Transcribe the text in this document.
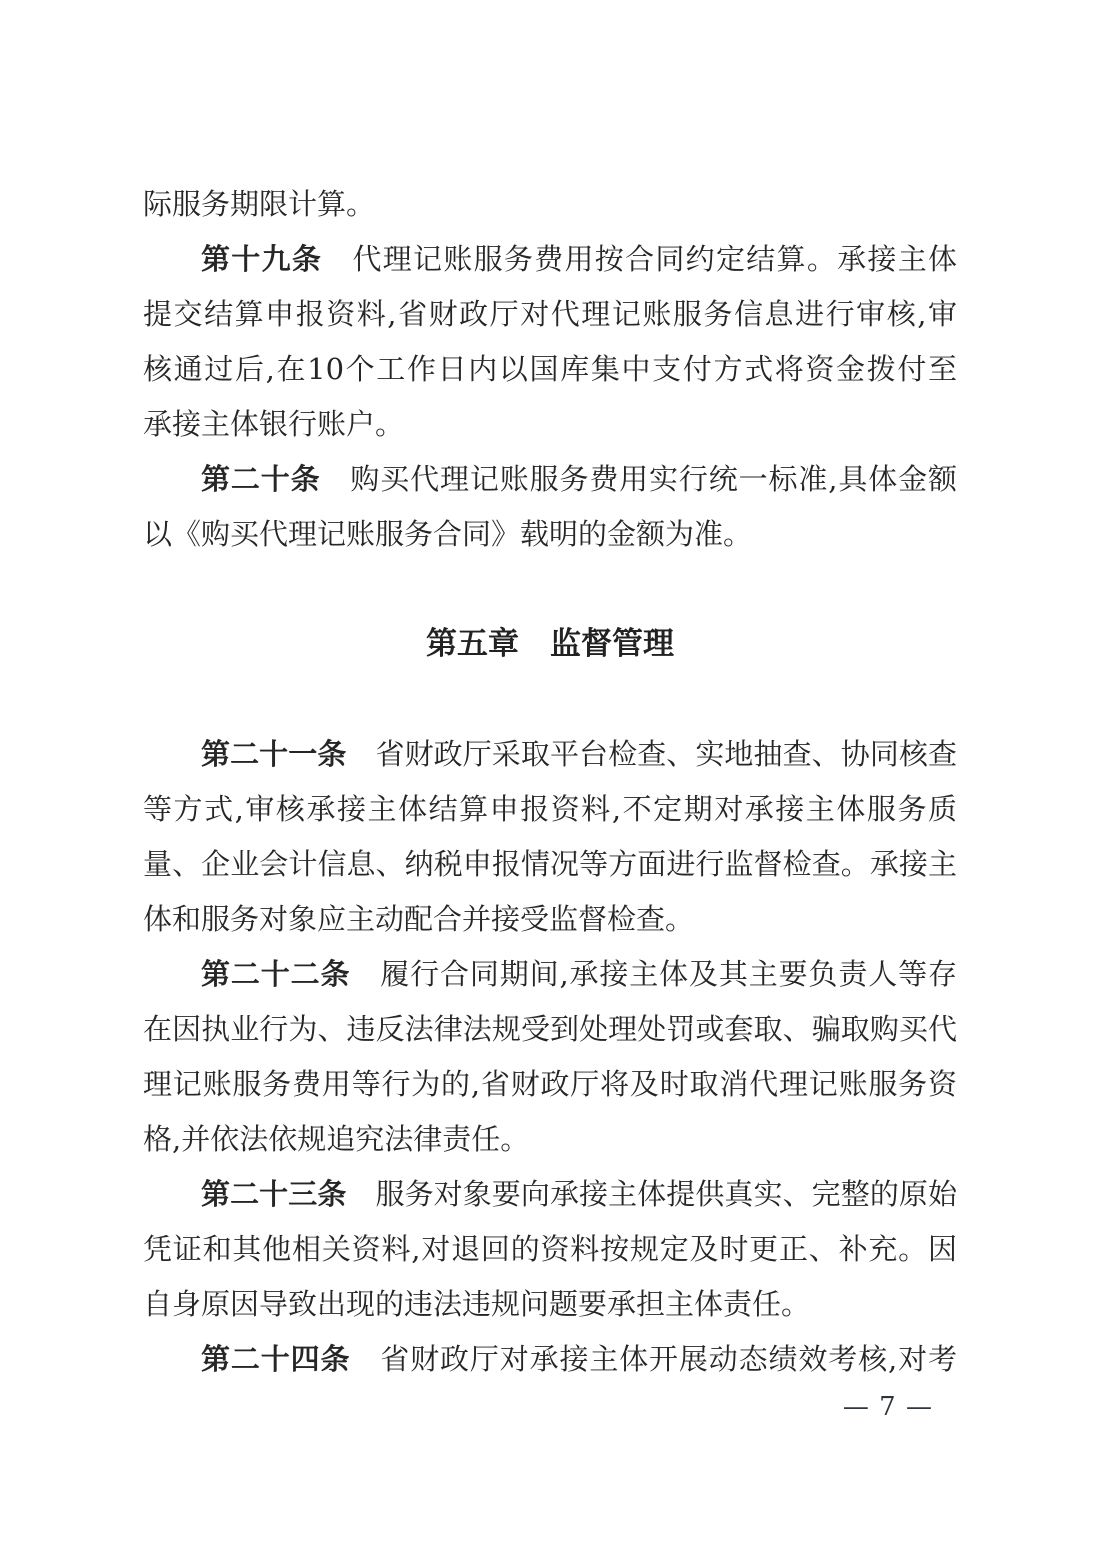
际服务期限计算。
第十九条　代理记账服务费用按合同约定结算。承接主体
提交结算申报资料,省财政厅对代理记账服务信息进行审核,审
核通过后,在10个工作日内以国库集中支付方式将资金拨付至
承接主体银行账户。
第二十条　购买代理记账服务费用实行统一标准,具体金额
以《购买代理记账服务合同》载明的金额为准。
第五章 监督管理
第二十一条　省财政厅采取平台检查、实地抽查、协同核查
等方式,审核承接主体结算申报资料,不定期对承接主体服务质
量、企业会计信息、纳税申报情况等方面进行监督检查。承接主
体和服务对象应主动配合并接受监督检查。
第二十二条　履行合同期间,承接主体及其主要负责人等存
在因执业行为、违反法律法规受到处理处罚或套取、骗取购买代
理记账服务费用等行为的,省财政厅将及时取消代理记账服务资
格,并依法依规追究法律责任。
第二十三条　服务对象要向承接主体提供真实、完整的原始
凭证和其他相关资料,对退回的资料按规定及时更正、补充。因
自身原因导致出现的违法违规问题要承担主体责任。
第二十四条　省财政厅对承接主体开展动态绩效考核,对考
— 7 —
